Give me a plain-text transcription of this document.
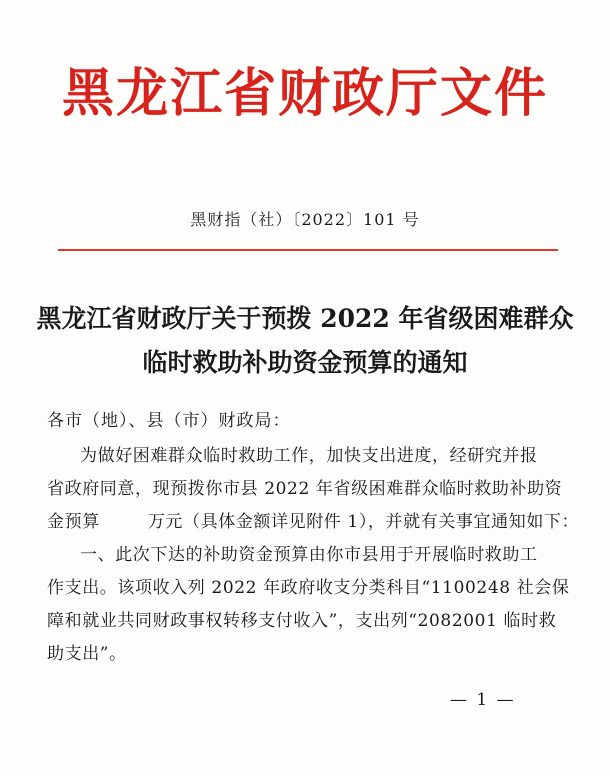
黑龙江省财政厅文件
黑财指（社）〔2022〕101 号
黑龙江省财政厅关于预拨 2022 年省级困难群众
临时救助补助资金预算的通知
各市（地）、县（市）财政局：
为做好困难群众临时救助工作，加快支出进度，经研究并报
省政府同意，现预拨你市县 2022 年省级困难群众临时救助补助资
金预算	万元（具体金额详见附件 1），并就有关事宜通知如下：
一、此次下达的补助资金预算由你市县用于开展临时救助工
作支出。该项收入列 2022 年政府收支分类科目“1100248 社会保
障和就业共同财政事权转移支付收入”，支出列“2082001 临时救
助支出”。
— 1 —
